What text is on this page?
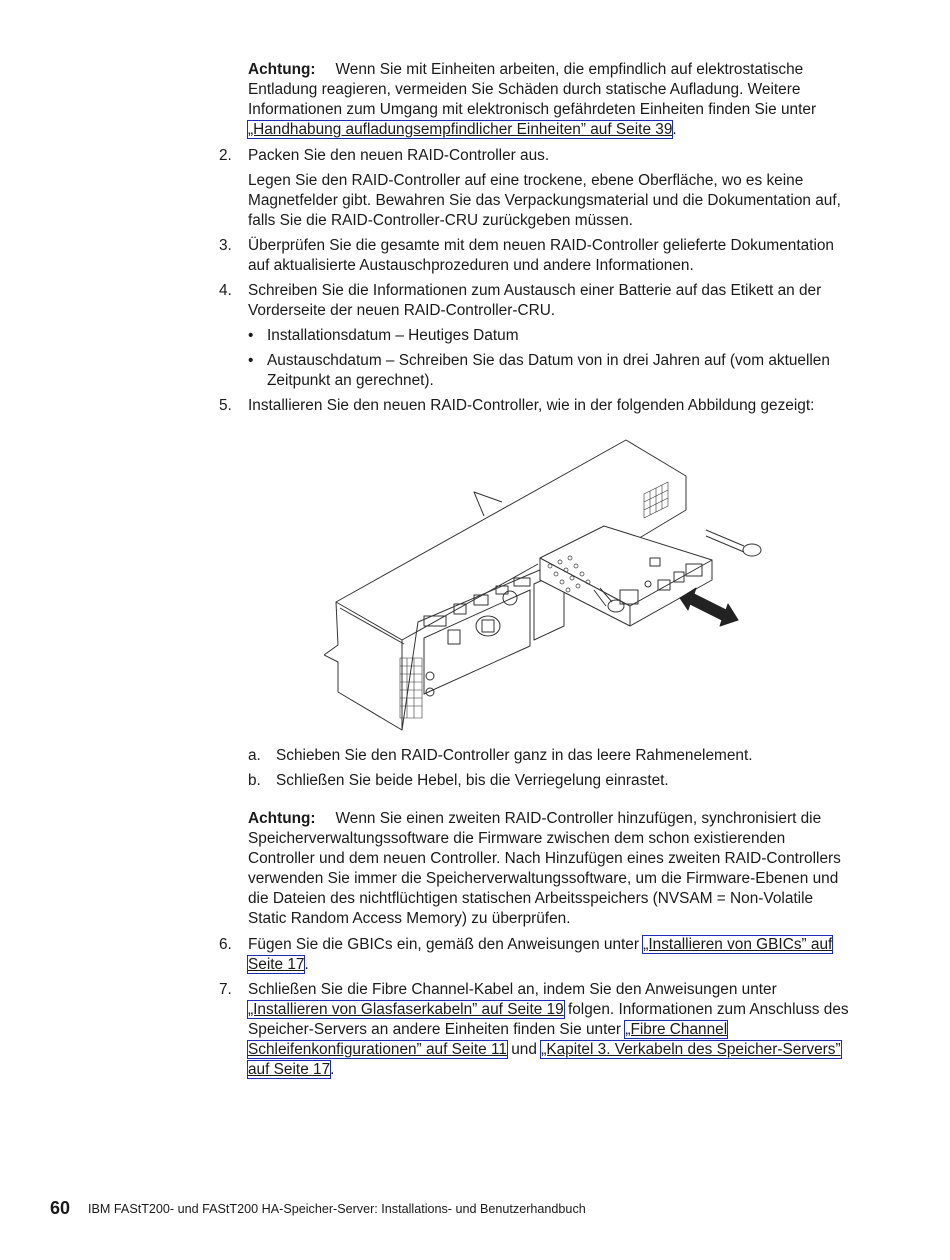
Achtung: Wenn Sie mit Einheiten arbeiten, die empfindlich auf elektrostatische Entladung reagieren, vermeiden Sie Schäden durch statische Aufladung. Weitere Informationen zum Umgang mit elektronisch gefährdeten Einheiten finden Sie unter „Handhabung aufladungsempfindlicher Einheiten” auf Seite 39.

2. Packen Sie den neuen RAID-Controller aus.

Legen Sie den RAID-Controller auf eine trockene, ebene Oberfläche, wo es keine Magnetfelder gibt. Bewahren Sie das Verpackungsmaterial und die Dokumentation auf, falls Sie die RAID-Controller-CRU zurückgeben müssen.

3. Überprüfen Sie die gesamte mit dem neuen RAID-Controller gelieferte Dokumentation auf aktualisierte Austauschprozeduren und andere Informationen.

4. Schreiben Sie die Informationen zum Austausch einer Batterie auf das Etikett an der Vorderseite der neuen RAID-Controller-CRU.

• Installationsdatum – Heutiges Datum
• Austauschdatum – Schreiben Sie das Datum von in drei Jahren auf (vom aktuellen Zeitpunkt an gerechnet).
5. Installieren Sie den neuen RAID-Controller, wie in der folgenden Abbildung gezeigt:

a. Schieben Sie den RAID-Controller ganz in das leere Rahmenelement.
b. Schließen Sie beide Hebel, bis die Verriegelung einrastet.

Achtung: Wenn Sie einen zweiten RAID-Controller hinzufügen, synchronisiert die Speicherverwaltungssoftware die Firmware zwischen dem schon existierenden Controller und dem neuen Controller. Nach Hinzufügen eines zweiten RAID-Controllers verwenden Sie immer die Speicherverwaltungssoftware, um die Firmware-Ebenen und die Dateien des nichtflüchtigen statischen Arbeitsspeichers (NVSAM = Non-Volatile Static Random Access Memory) zu überprüfen.

6. Fügen Sie die GBICs ein, gemäß den Anweisungen unter „Installieren von GBICs” auf Seite 17.

7. Schließen Sie die Fibre Channel-Kabel an, indem Sie den Anweisungen unter „Installieren von Glasfaserkabeln” auf Seite 19 folgen. Informationen zum Anschluss des Speicher-Servers an andere Einheiten finden Sie unter „Fibre Channel Schleifenkonfigurationen” auf Seite 11 und „Kapitel 3. Verkabeln des Speicher-Servers” auf Seite 17.

60 IBM FAStT200- und FAStT200 HA-Speicher-Server: Installations- und Benutzerhandbuch
